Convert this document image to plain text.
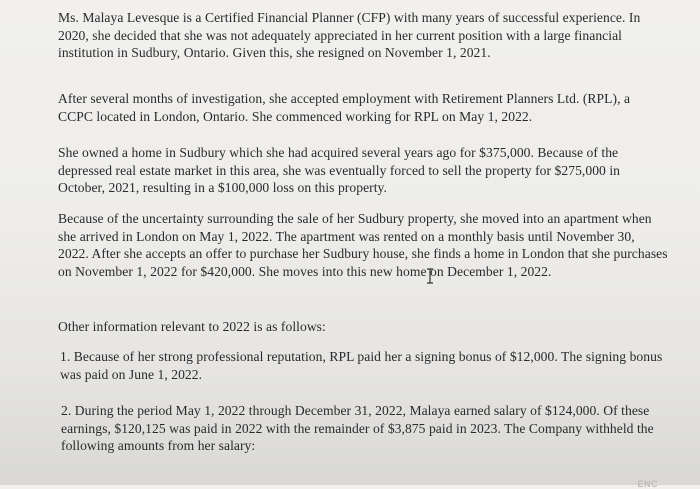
Ms. Malaya Levesque is a Certified Financial Planner (CFP) with many years of successful experience. In 2020, she decided that she was not adequately appreciated in her current position with a large financial institution in Sudbury, Ontario. Given this, she resigned on November 1, 2021.
After several months of investigation, she accepted employment with Retirement Planners Ltd. (RPL), a CCPC located in London, Ontario. She commenced working for RPL on May 1, 2022.
She owned a home in Sudbury which she had acquired several years ago for $375,000. Because of the depressed real estate market in this area, she was eventually forced to sell the property for $275,000 in October, 2021, resulting in a $100,000 loss on this property.
Because of the uncertainty surrounding the sale of her Sudbury property, she moved into an apartment when she arrived in London on May 1, 2022. The apartment was rented on a monthly basis until November 30, 2022. After she accepts an offer to purchase her Sudbury house, she finds a home in London that she purchases on November 1, 2022 for $420,000. She moves into this new home on December 1, 2022.
Other information relevant to 2022 is as follows:
1. Because of her strong professional reputation, RPL paid her a signing bonus of $12,000. The signing bonus was paid on June 1, 2022.
2. During the period May 1, 2022 through December 31, 2022, Malaya earned salary of $124,000. Of these earnings, $120,125 was paid in 2022 with the remainder of $3,875 paid in 2023. The Company withheld the following amounts from her salary:
ENC
